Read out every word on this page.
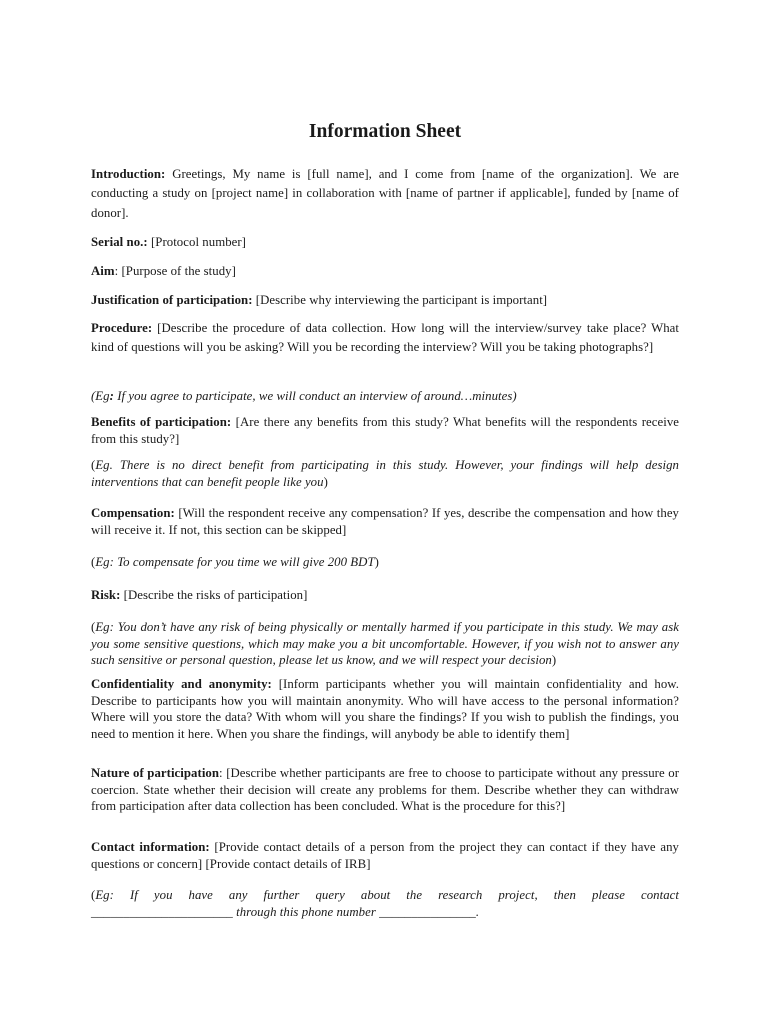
Information Sheet

Introduction: Greetings, My name is [full name], and I come from [name of the organization]. We are conducting a study on [project name] in collaboration with [name of partner if applicable], funded by [name of donor].

Serial no.: [Protocol number]

Aim: [Purpose of the study]

Justification of participation: [Describe why interviewing the participant is important]

Procedure: [Describe the procedure of data collection. How long will the interview/survey take place? What kind of questions will you be asking? Will you be recording the interview? Will you be taking photographs?]

(Eg: If you agree to participate, we will conduct an interview of around…minutes)

Benefits of participation: [Are there any benefits from this study? What benefits will the respondents receive from this study?]

(Eg. There is no direct benefit from participating in this study. However, your findings will help design interventions that can benefit people like you)

Compensation: [Will the respondent receive any compensation? If yes, describe the compensation and how they will receive it. If not, this section can be skipped]

(Eg: To compensate for you time we will give 200 BDT)

Risk: [Describe the risks of participation]

(Eg: You don’t have any risk of being physically or mentally harmed if you participate in this study. We may ask you some sensitive questions, which may make you a bit uncomfortable. However, if you wish not to answer any such sensitive or personal question, please let us know, and we will respect your decision)

Confidentiality and anonymity: [Inform participants whether you will maintain confidentiality and how. Describe to participants how you will maintain anonymity. Who will have access to the personal information? Where will you store the data? With whom will you share the findings? If you wish to publish the findings, you need to mention it here. When you share the findings, will anybody be able to identify them]

Nature of participation: [Describe whether participants are free to choose to participate without any pressure or coercion. State whether their decision will create any problems for them. Describe whether they can withdraw from participation after data collection has been concluded. What is the procedure for this?]

Contact information: [Provide contact details of a person from the project they can contact if they have any questions or concern] [Provide contact details of IRB]

(Eg: If you have any further query about the research project, then please contact

______________________ through this phone number _______________.
